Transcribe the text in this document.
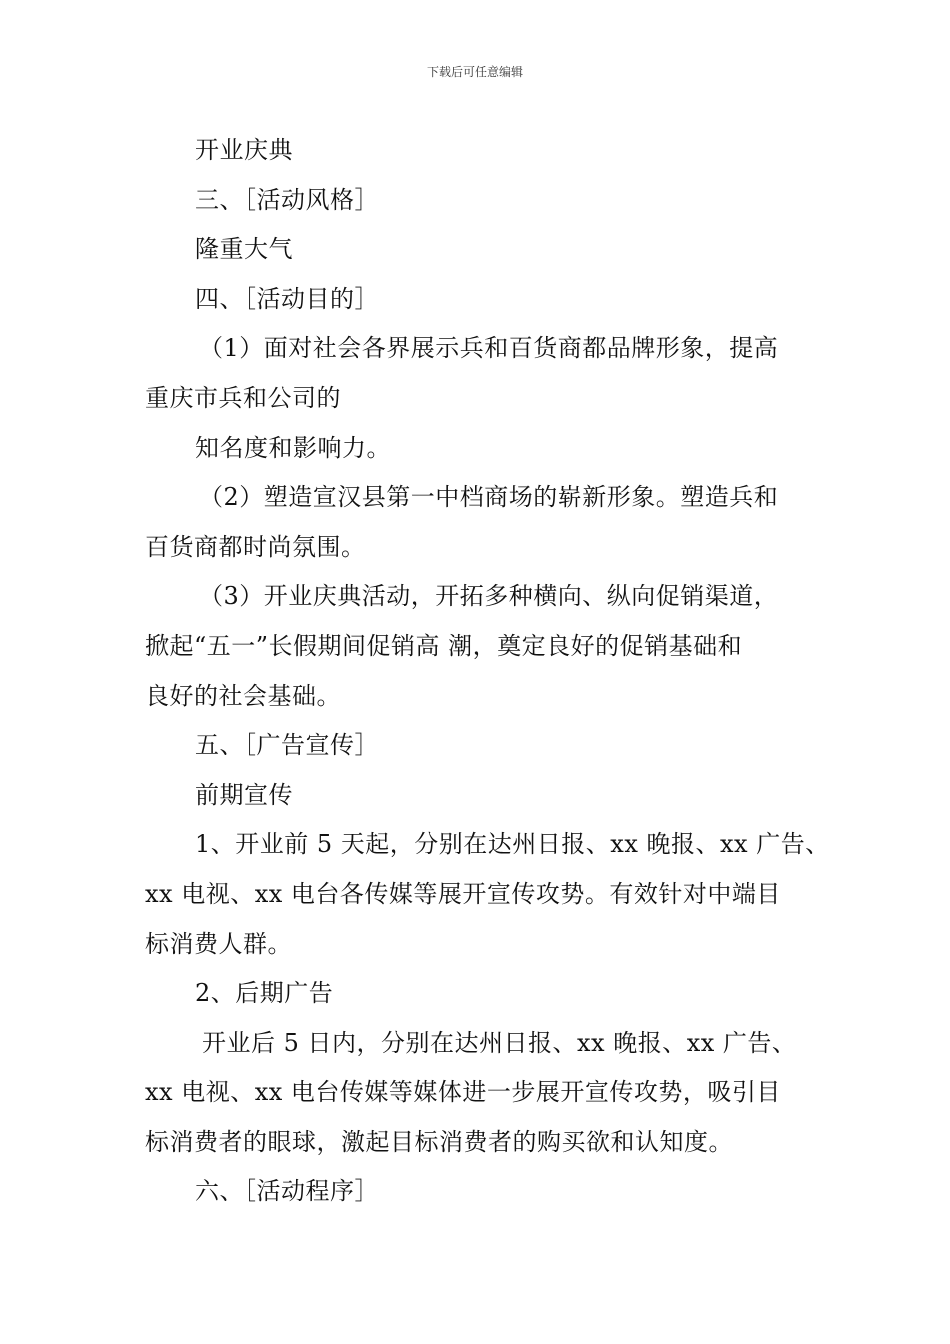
下载后可任意编辑

开业庆典

三、［活动风格］

隆重大气

四、［活动目的］

（1）面对社会各界展示兵和百货商都品牌形象，提高

重庆市兵和公司的

知名度和影响力。

（2）塑造宣汉县第一中档商场的崭新形象。塑造兵和

百货商都时尚氛围。

（3）开业庆典活动，开拓多种横向、纵向促销渠道，

掀起“五一”长假期间促销高 潮，奠定良好的促销基础和

良好的社会基础。

五、［广告宣传］

前期宣传

1、开业前 5 天起，分别在达州日报、xx 晚报、xx 广告、

xx 电视、xx 电台各传媒等展开宣传攻势。有效针对中端目

标消费人群。

2、后期广告

开业后 5 日内，分别在达州日报、xx 晚报、xx 广告、

xx 电视、xx 电台传媒等媒体进一步展开宣传攻势，吸引目

标消费者的眼球，激起目标消费者的购买欲和认知度。

六、［活动程序］
